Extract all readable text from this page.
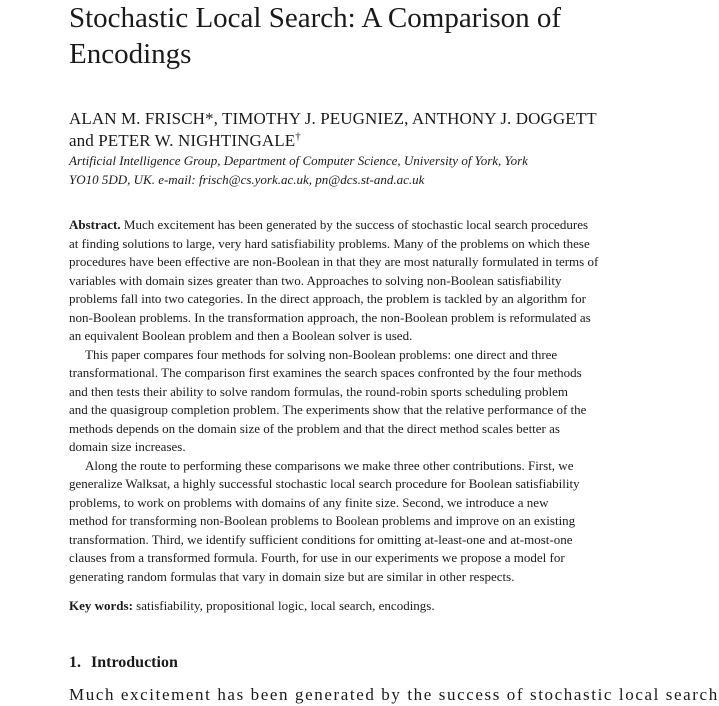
Stochastic Local Search: A Comparison of
Encodings
ALAN M. FRISCH*, TIMOTHY J. PEUGNIEZ, ANTHONY J. DOGGETT
and PETER W. NIGHTINGALE†
Artificial Intelligence Group, Department of Computer Science, University of York, York
YO10 5DD, UK. e-mail: frisch@cs.york.ac.uk, pn@dcs.st-and.ac.uk
Abstract. Much excitement has been generated by the success of stochastic local search procedures
at finding solutions to large, very hard satisfiability problems. Many of the problems on which these
procedures have been effective are non-Boolean in that they are most naturally formulated in terms of
variables with domain sizes greater than two. Approaches to solving non-Boolean satisfiability
problems fall into two categories. In the direct approach, the problem is tackled by an algorithm for
non-Boolean problems. In the transformation approach, the non-Boolean problem is reformulated as
an equivalent Boolean problem and then a Boolean solver is used.
This paper compares four methods for solving non-Boolean problems: one direct and three
transformational. The comparison first examines the search spaces confronted by the four methods
and then tests their ability to solve random formulas, the round-robin sports scheduling problem
and the quasigroup completion problem. The experiments show that the relative performance of the
methods depends on the domain size of the problem and that the direct method scales better as
domain size increases.
Along the route to performing these comparisons we make three other contributions. First, we
generalize Walksat, a highly successful stochastic local search procedure for Boolean satisfiability
problems, to work on problems with domains of any finite size. Second, we introduce a new
method for transforming non-Boolean problems to Boolean problems and improve on an existing
transformation. Third, we identify sufficient conditions for omitting at-least-one and at-most-one
clauses from a transformed formula. Fourth, for use in our experiments we propose a model for
generating random formulas that vary in domain size but are similar in other respects.
Key words: satisfiability, propositional logic, local search, encodings.
1. Introduction
Much excitement has been generated by the success of stochastic local search
